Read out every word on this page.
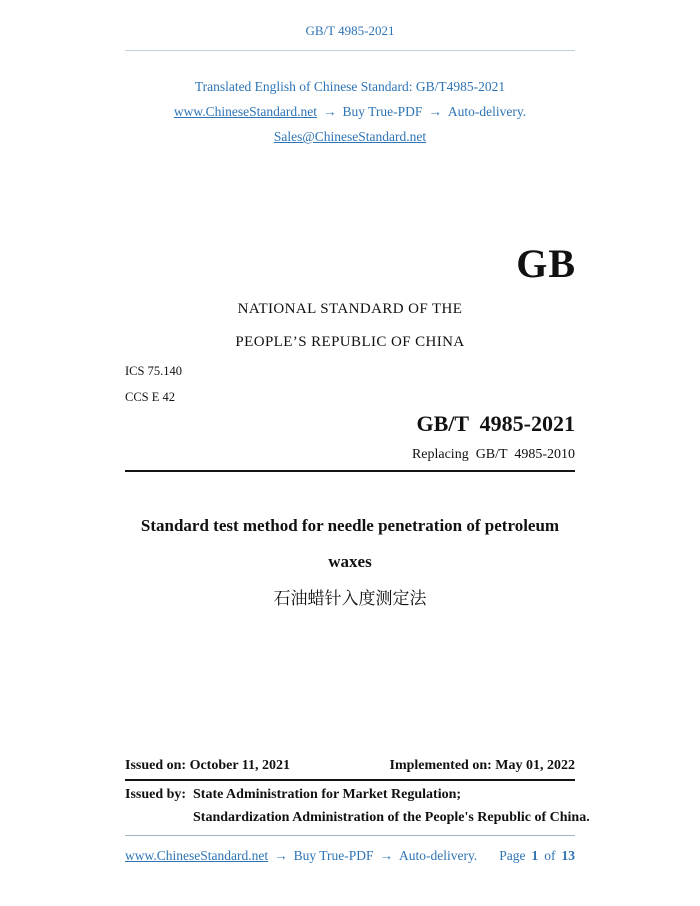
GB/T 4985-2021
Translated English of Chinese Standard: GB/T4985-2021
www.ChineseStandard.net → Buy True-PDF → Auto-delivery.
Sales@ChineseStandard.net
GB
NATIONAL STANDARD OF THE
PEOPLE’S REPUBLIC OF CHINA
ICS 75.140
CCS E 42
GB/T  4985-2021
Replacing  GB/T  4985-2010
Standard test method for needle penetration of petroleum
waxes
石油蜡针入度测定法
Issued on: October 11, 2021	Implemented on: May 01, 2022
Issued by: State Administration for Market Regulation;
Standardization Administration of the People's Republic of China.
www.ChineseStandard.net → Buy True-PDF → Auto-delivery.	Page 1 of 13
